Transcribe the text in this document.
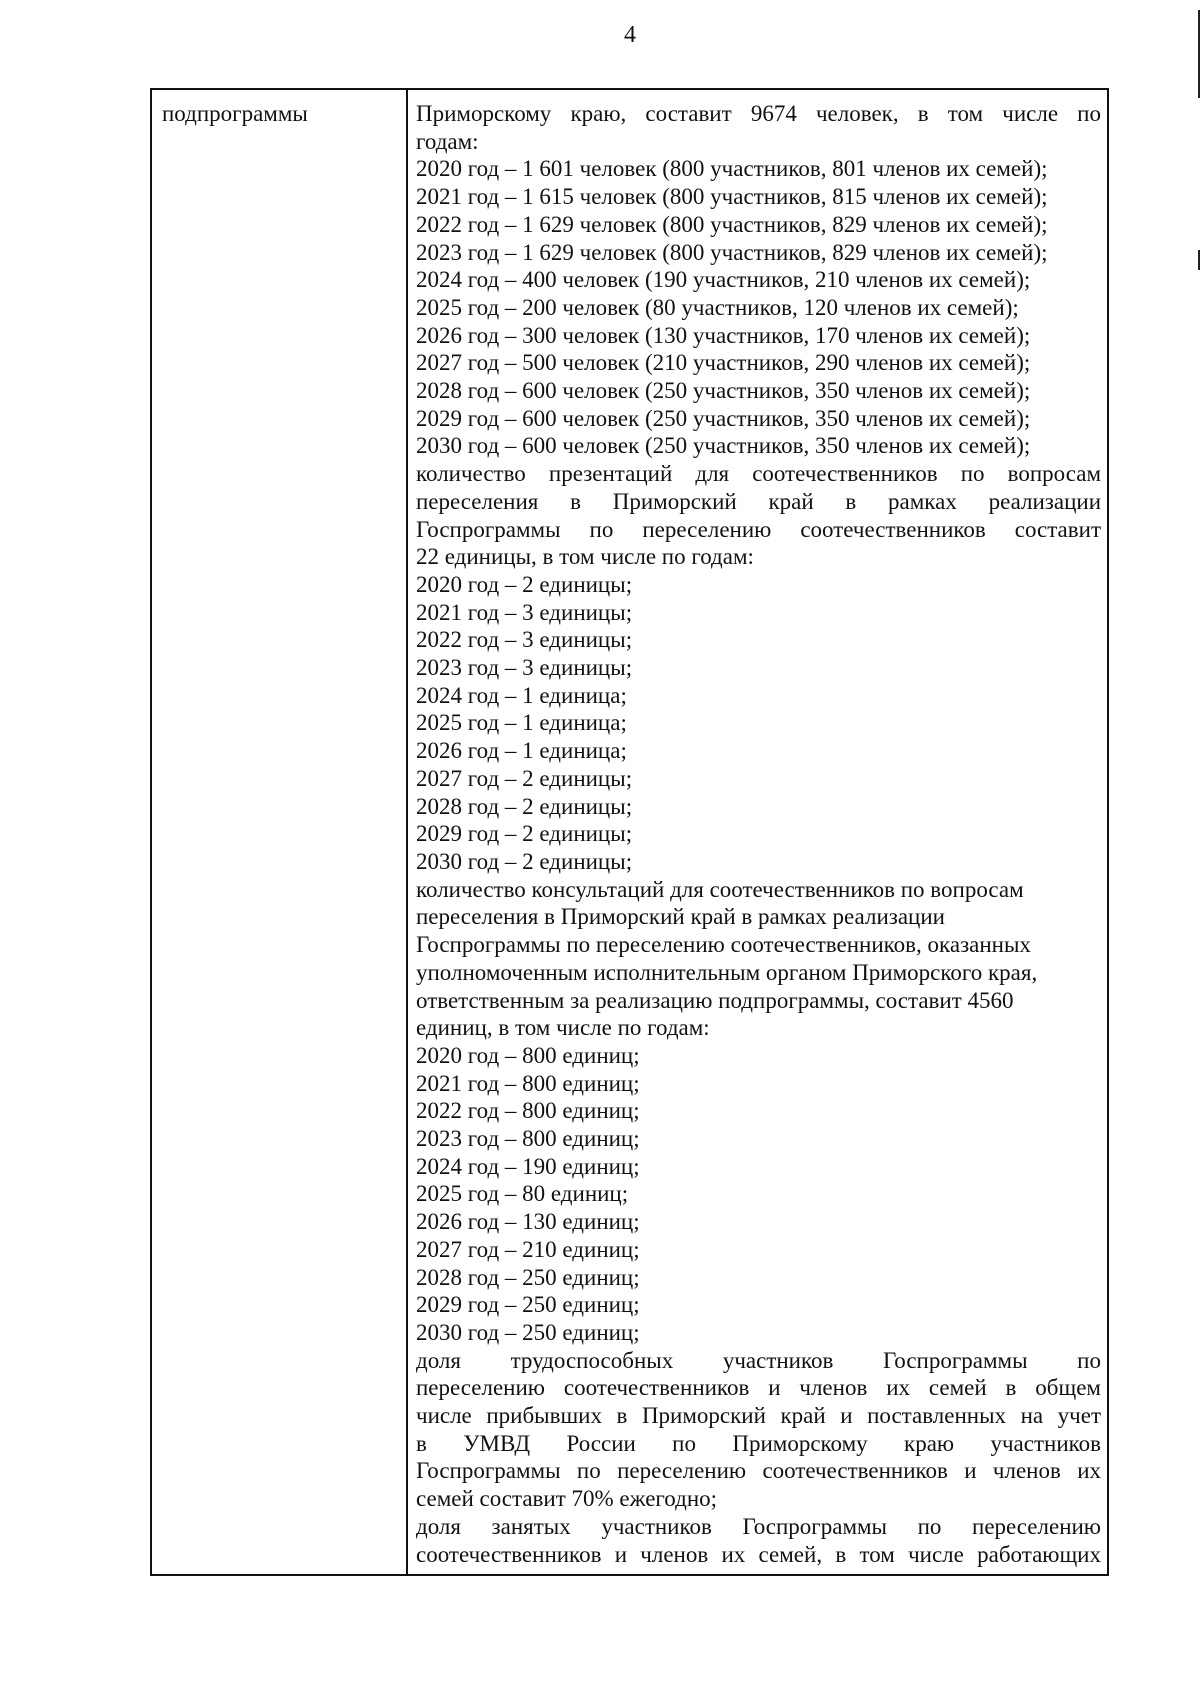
4
подпрограммы	Приморскому краю, составит 9674 человек, в том числе по
годам:
2020 год – 1 601 человек (800 участников, 801 членов их семей);
2021 год – 1 615 человек (800 участников, 815 членов их семей);
2022 год – 1 629 человек (800 участников, 829 членов их семей);
2023 год – 1 629 человек (800 участников, 829 членов их семей);
2024 год – 400 человек (190 участников, 210 членов их семей);
2025 год – 200 человек (80 участников, 120 членов их семей);
2026 год – 300 человек (130 участников, 170 членов их семей);
2027 год – 500 человек (210 участников, 290 членов их семей);
2028 год – 600 человек (250 участников, 350 членов их семей);
2029 год – 600 человек (250 участников, 350 членов их семей);
2030 год – 600 человек (250 участников, 350 членов их семей);
количество презентаций для соотечественников по вопросам
переселения в Приморский край в рамках реализации
Госпрограммы по переселению соотечественников составит
22 единицы, в том числе по годам:
2020 год – 2 единицы;
2021 год – 3 единицы;
2022 год – 3 единицы;
2023 год – 3 единицы;
2024 год – 1 единица;
2025 год – 1 единица;
2026 год – 1 единица;
2027 год – 2 единицы;
2028 год – 2 единицы;
2029 год – 2 единицы;
2030 год – 2 единицы;
количество консультаций для соотечественников по вопросам
переселения в Приморский край в рамках реализации
Госпрограммы по переселению соотечественников, оказанных
уполномоченным исполнительным органом Приморского края,
ответственным за реализацию подпрограммы, составит 4560
единиц, в том числе по годам:
2020 год – 800 единиц;
2021 год – 800 единиц;
2022 год – 800 единиц;
2023 год – 800 единиц;
2024 год – 190 единиц;
2025 год – 80 единиц;
2026 год – 130 единиц;
2027 год – 210 единиц;
2028 год – 250 единиц;
2029 год – 250 единиц;
2030 год – 250 единиц;
доля трудоспособных участников Госпрограммы по
переселению соотечественников и членов их семей в общем
числе прибывших в Приморский край и поставленных на учет
в УМВД России по Приморскому краю участников
Госпрограммы по переселению соотечественников и членов их
семей составит 70% ежегодно;
доля занятых участников Госпрограммы по переселению
соотечественников и членов их семей, в том числе работающих
